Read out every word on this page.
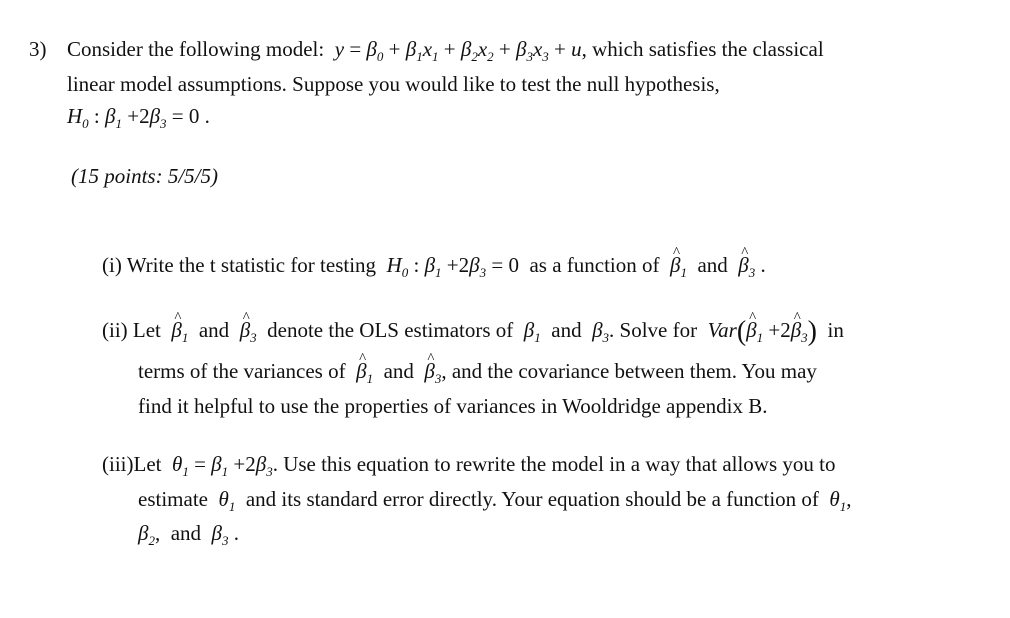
3) Consider the following model:  $y = \beta_0 + \beta_1x_1 + \beta_2x_2 + \beta_3x_3 + u$, which satisfies the classical
linear model assumptions. Suppose you would like to test the null hypothesis,
$H_0$ : $\beta_1 +2\beta_3 = 0$ .
(15 points: 5/5/5)
(i) Write the t statistic for testing  $H_0$ : $\beta_1 +2\beta_3 = 0$ as a function of ^ $\beta_1$ and ^ $\beta_3$ .
(ii) Let ^ $\beta_1$ and ^ $\beta_3$ denote the OLS estimators of  $\beta_1$ and  $\beta_3$. Solve for  Var(^ $\beta_1$ +2^ $\beta_3$) in
terms of the variances of ^ $\beta_1$ and ^ $\beta_3$, and the covariance between them. You may
find it helpful to use the properties of variances in Wooldridge appendix B.
(iii)Let  $\theta_1 = \beta_1 +2\beta_3$. Use this equation to rewrite the model in a way that allows you to
estimate  $\theta_1$ and its standard error directly. Your equation should be a function of  $\theta_1$,
$\beta_2$, and  $\beta_3$ .
